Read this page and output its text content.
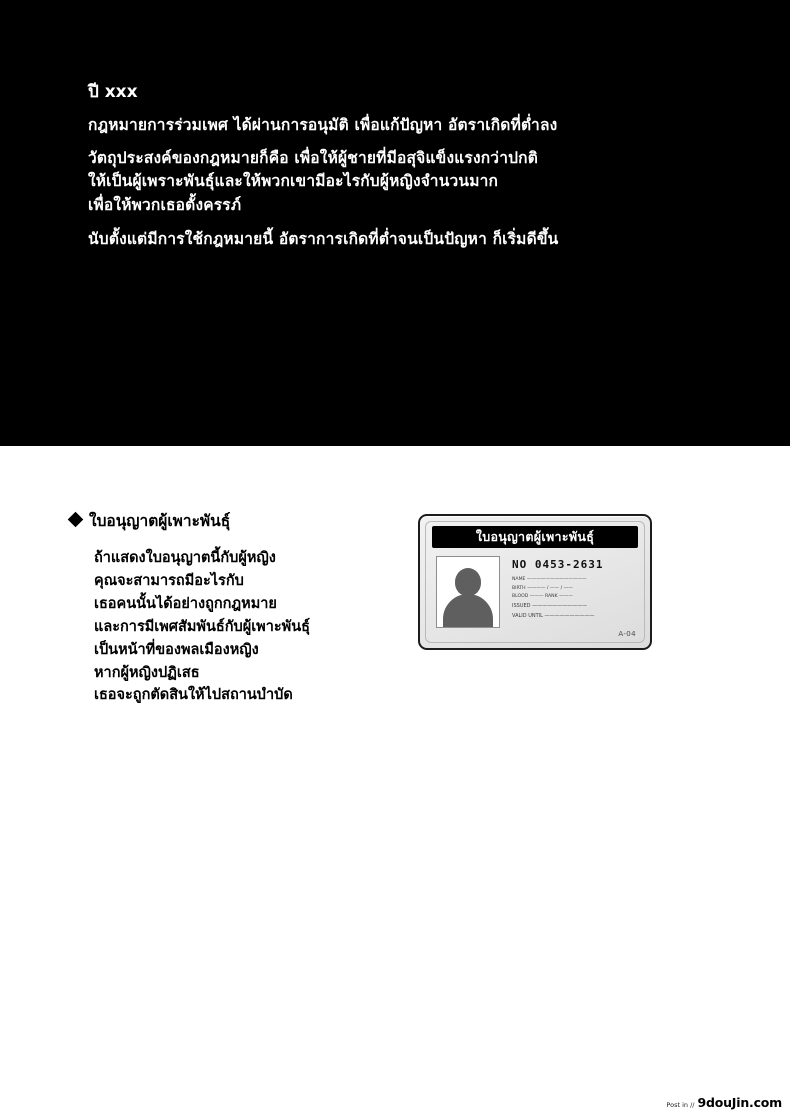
ปี xxx
กฎหมายการร่วมเพศ ได้ผ่านการอนุมัติ เพื่อแก้ปัญหา อัตราเกิดที่ต่ำลง
วัตถุประสงค์ของกฎหมายก็คือ เพื่อให้ผู้ชายที่มีอสุจิแข็งแรงกว่าปกติ
ให้เป็นผู้เพราะพันธุ์และให้พวกเขามีอะไรกับผู้หญิงจำนวนมาก
เพื่อให้พวกเธอตั้งครรภ์
นับตั้งแต่มีการใช้กฎหมายนี้ อัตราการเกิดที่ต่ำจนเป็นปัญหา ก็เริ่มดีขึ้น
ใบอนุญาตผู้เพาะพันธุ์
ถ้าแสดงใบอนุญาตนี้กับผู้หญิง
คุณจะสามารถมีอะไรกับ
เธอคนนั้นได้อย่างถูกกฎหมาย
และการมีเพศสัมพันธ์กับผู้เพาะพันธุ์
เป็นหน้าที่ของพลเมืองหญิง
หากผู้หญิงปฏิเสธ
เธอจะถูกตัดสินให้ไปสถานบำบัด
ใบอนุญาตผู้เพาะพันธุ์
NO 0453-2631
NAME —————————————
BIRTH ———— / —— / ——
BLOOD ——— RANK ———
ISSUED ———————————
VALID UNTIL ——————————
A-04
Post in // 9douJin.com
